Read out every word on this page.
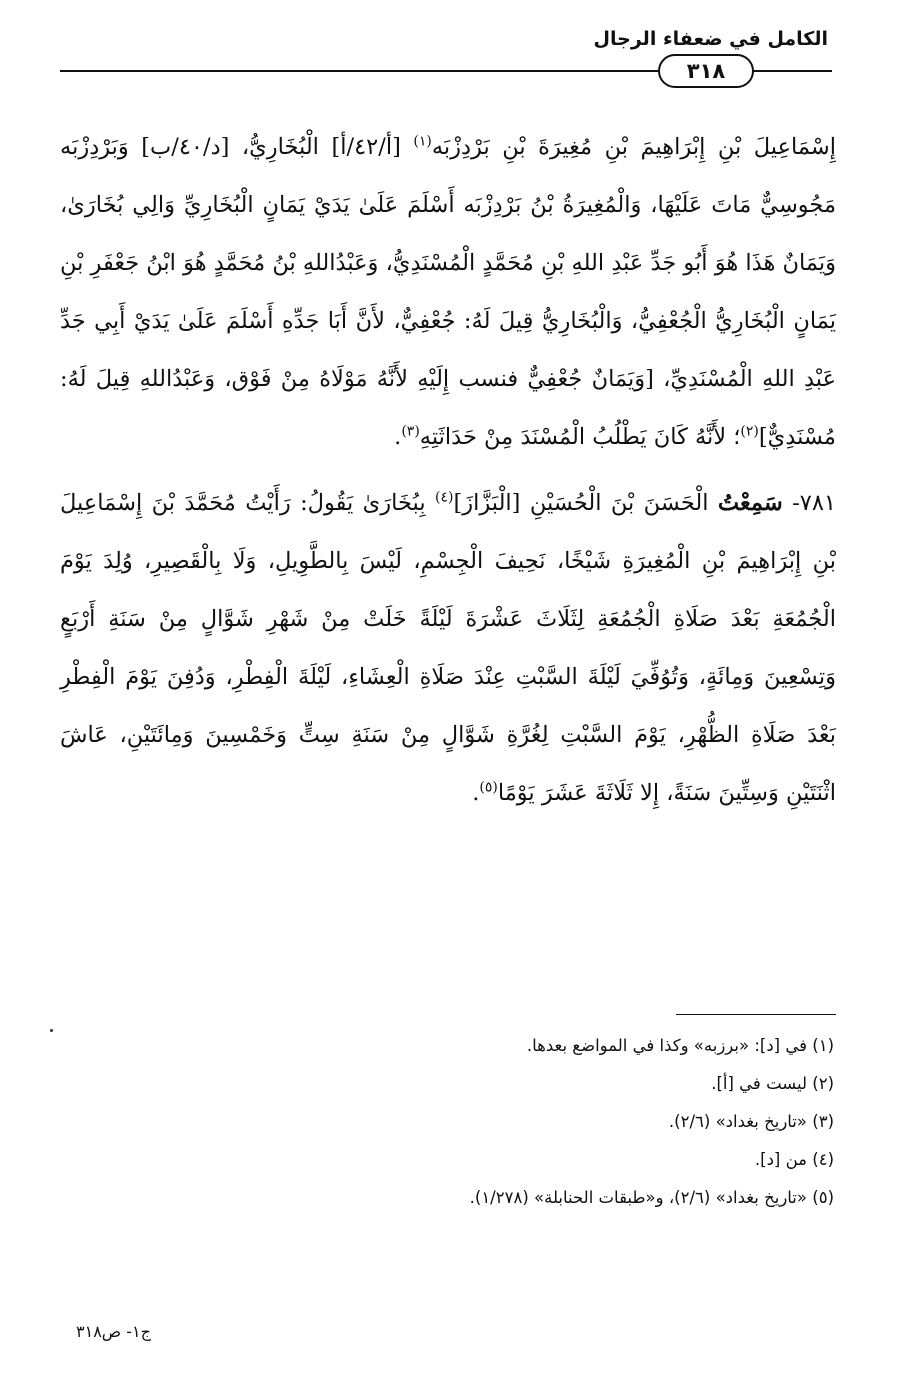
الكامل في ضعفاء الرجال
٣١٨

إِسْمَاعِيلَ بْنِ إِبْرَاهِيمَ بْنِ مُغِيرَةَ بْنِ بَرْدِزْبَه$^{(١)}$ [أ/٤٢/أ] الْبُخَارِيُّ، [د/٤٠/ب] وَبَرْدِزْبَه مَجُوسِيٌّ مَاتَ عَلَيْهَا، وَالْمُغِيرَةُ بْنُ بَرْدِزْبَه أَسْلَمَ عَلَىٰ يَدَيْ يَمَانٍ الْبُخَارِيِّ وَالِي بُخَارَىٰ، وَيَمَانٌ هَذَا هُوَ أَبُو جَدِّ عَبْدِ اللهِ بْنِ مُحَمَّدٍ الْمُسْنَدِيُّ، وَعَبْدُاللهِ بْنُ مُحَمَّدٍ هُوَ ابْنُ جَعْفَرِ بْنِ يَمَانٍ الْبُخَارِيُّ الْجُعْفِيُّ، وَالْبُخَارِيُّ قِيلَ لَهُ: جُعْفِيٌّ، لأَنَّ أَبَا جَدِّهِ أَسْلَمَ عَلَىٰ يَدَيْ أَبِي جَدِّ عَبْدِ اللهِ الْمُسْنَدِيِّ، [وَيَمَانٌ جُعْفِيٌّ فنسب إِلَيْهِ لأَنَّهُ مَوْلَاهُ مِنْ فَوْق، وَعَبْدُاللهِ قِيلَ لَهُ: مُسْنَدِيٌّ]$^{(٢)}$؛ لأَنَّهُ كَانَ يَطْلُبُ الْمُسْنَدَ مِنْ حَدَاثَتِهِ$^{(٣)}$.

٧٨١- سَمِعْتُ الْحَسَنَ بْنَ الْحُسَيْنِ [الْبَزَّازَ]$^{(٤)}$ بِبُخَارَىٰ يَقُولُ: رَأَيْتُ مُحَمَّدَ بْنَ إِسْمَاعِيلَ بْنِ إِبْرَاهِيمَ بْنِ الْمُغِيرَةِ شَيْخًا، نَحِيفَ الْجِسْمِ، لَيْسَ بِالطَّوِيلِ، وَلَا بِالْقَصِيرِ، وُلِدَ يَوْمَ الْجُمُعَةِ بَعْدَ صَلَاةِ الْجُمُعَةِ لِثَلَاثَ عَشْرَةَ لَيْلَةً خَلَتْ مِنْ شَهْرِ شَوَّالٍ مِنْ سَنَةِ أَرْبَعٍ وَتِسْعِينَ وَمِائَةٍ، وَتُوُفِّيَ لَيْلَةَ السَّبْتِ عِنْدَ صَلَاةِ الْعِشَاءِ، لَيْلَةَ الْفِطْرِ، وَدُفِنَ يَوْمَ الْفِطْرِ بَعْدَ صَلَاةِ الظُّهْرِ، يَوْمَ السَّبْتِ لِغُرَّةِ شَوَّالٍ مِنْ سَنَةِ سِتٍّ وَخَمْسِينَ وَمِائَتَيْنِ، عَاشَ اثْنَتَيْنِ وَسِتِّينَ سَنَةً، إِلا ثَلَاثَةَ عَشَرَ يَوْمًا$^{(٥)}$.

(١) في [د]: «برزبه» وكذا في المواضع بعدها.
(٢) ليست في [أ].
(٣) «تاريخ بغداد» (٢/٦).
(٤) من [د].
(٥) «تاريخ بغداد» (٢/٦)، و«طبقات الحنابلة» (١/٢٧٨).
ج١- ص٣١٨
